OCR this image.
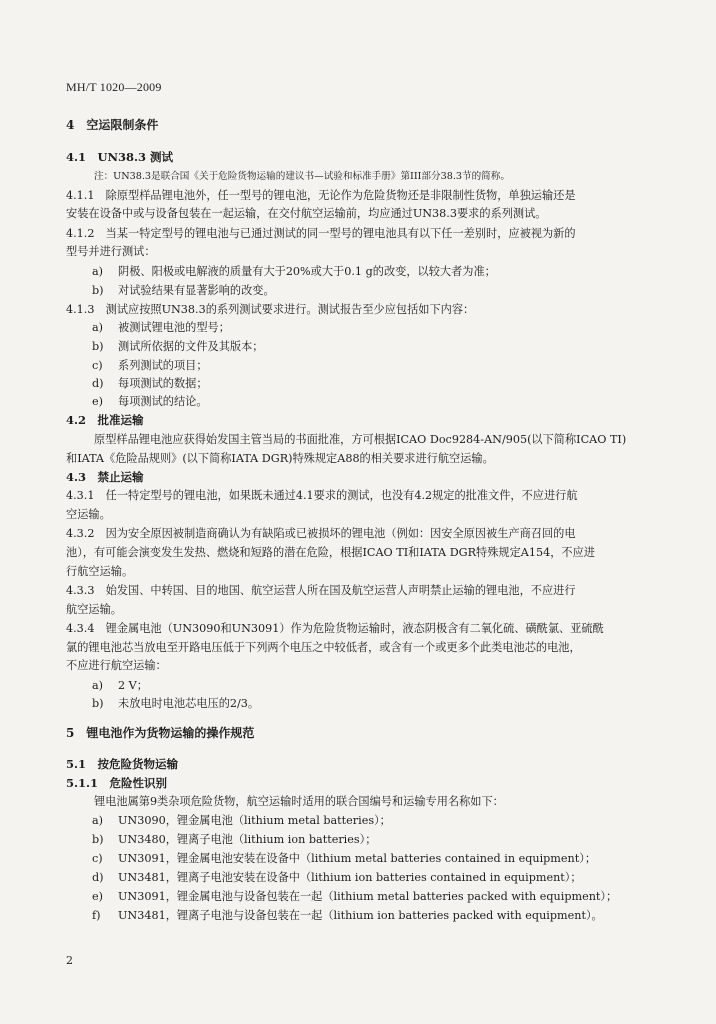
MH/T 1020—2009
4　空运限制条件
4.1　UN38.3 测试
注：UN38.3是联合国《关于危险货物运输的建议书—试验和标准手册》第III部分38.3节的简称。
4.1.1　除原型样品锂电池外，任一型号的锂电池，无论作为危险货物还是非限制性货物，单独运输还是
安装在设备中或与设备包装在一起运输，在交付航空运输前，均应通过UN38.3要求的系列测试。
4.1.2　当某一特定型号的锂电池与已通过测试的同一型号的锂电池具有以下任一差别时，应被视为新的
型号并进行测试：
a) 阴极、阳极或电解液的质量有大于20%或大于0.1 g的改变，以较大者为准；
b) 对试验结果有显著影响的改变。
4.1.3　测试应按照UN38.3的系列测试要求进行。测试报告至少应包括如下内容：
a) 被测试锂电池的型号；
b) 测试所依据的文件及其版本；
c) 系列测试的项目；
d) 每项测试的数据；
e) 每项测试的结论。
4.2　批准运输
原型样品锂电池应获得始发国主管当局的书面批准，方可根据ICAO Doc9284-AN/905(以下简称ICAO TI)
和IATA《危险品规则》(以下简称IATA DGR)特殊规定A88的相关要求进行航空运输。
4.3　禁止运输
4.3.1　任一特定型号的锂电池，如果既未通过4.1要求的测试，也没有4.2规定的批准文件，不应进行航
空运输。
4.3.2　因为安全原因被制造商确认为有缺陷或已被损坏的锂电池（例如：因安全原因被生产商召回的电
池），有可能会演变发生发热、燃烧和短路的潜在危险，根据ICAO TI和IATA DGR特殊规定A154，不应进
行航空运输。
4.3.3　始发国、中转国、目的地国、航空运营人所在国及航空运营人声明禁止运输的锂电池，不应进行
航空运输。
4.3.4　锂金属电池（UN3090和UN3091）作为危险货物运输时，液态阴极含有二氧化硫、磺酰氯、亚硫酰
氯的锂电池芯当放电至开路电压低于下列两个电压之中较低者，或含有一个或更多个此类电池芯的电池，
不应进行航空运输：
a) 2 V；
b) 未放电时电池芯电压的2/3。
5　锂电池作为货物运输的操作规范
5.1　按危险货物运输
5.1.1　危险性识别
锂电池属第9类杂项危险货物，航空运输时适用的联合国编号和运输专用名称如下：
a) UN3090，锂金属电池（lithium metal batteries）；
b) UN3480，锂离子电池（lithium ion batteries）；
c) UN3091，锂金属电池安装在设备中（lithium metal batteries contained in equipment）；
d) UN3481，锂离子电池安装在设备中（lithium ion batteries contained in equipment）；
e) UN3091，锂金属电池与设备包装在一起（lithium metal batteries packed with equipment）；
f) UN3481，锂离子电池与设备包装在一起（lithium ion batteries packed with equipment）。
2
